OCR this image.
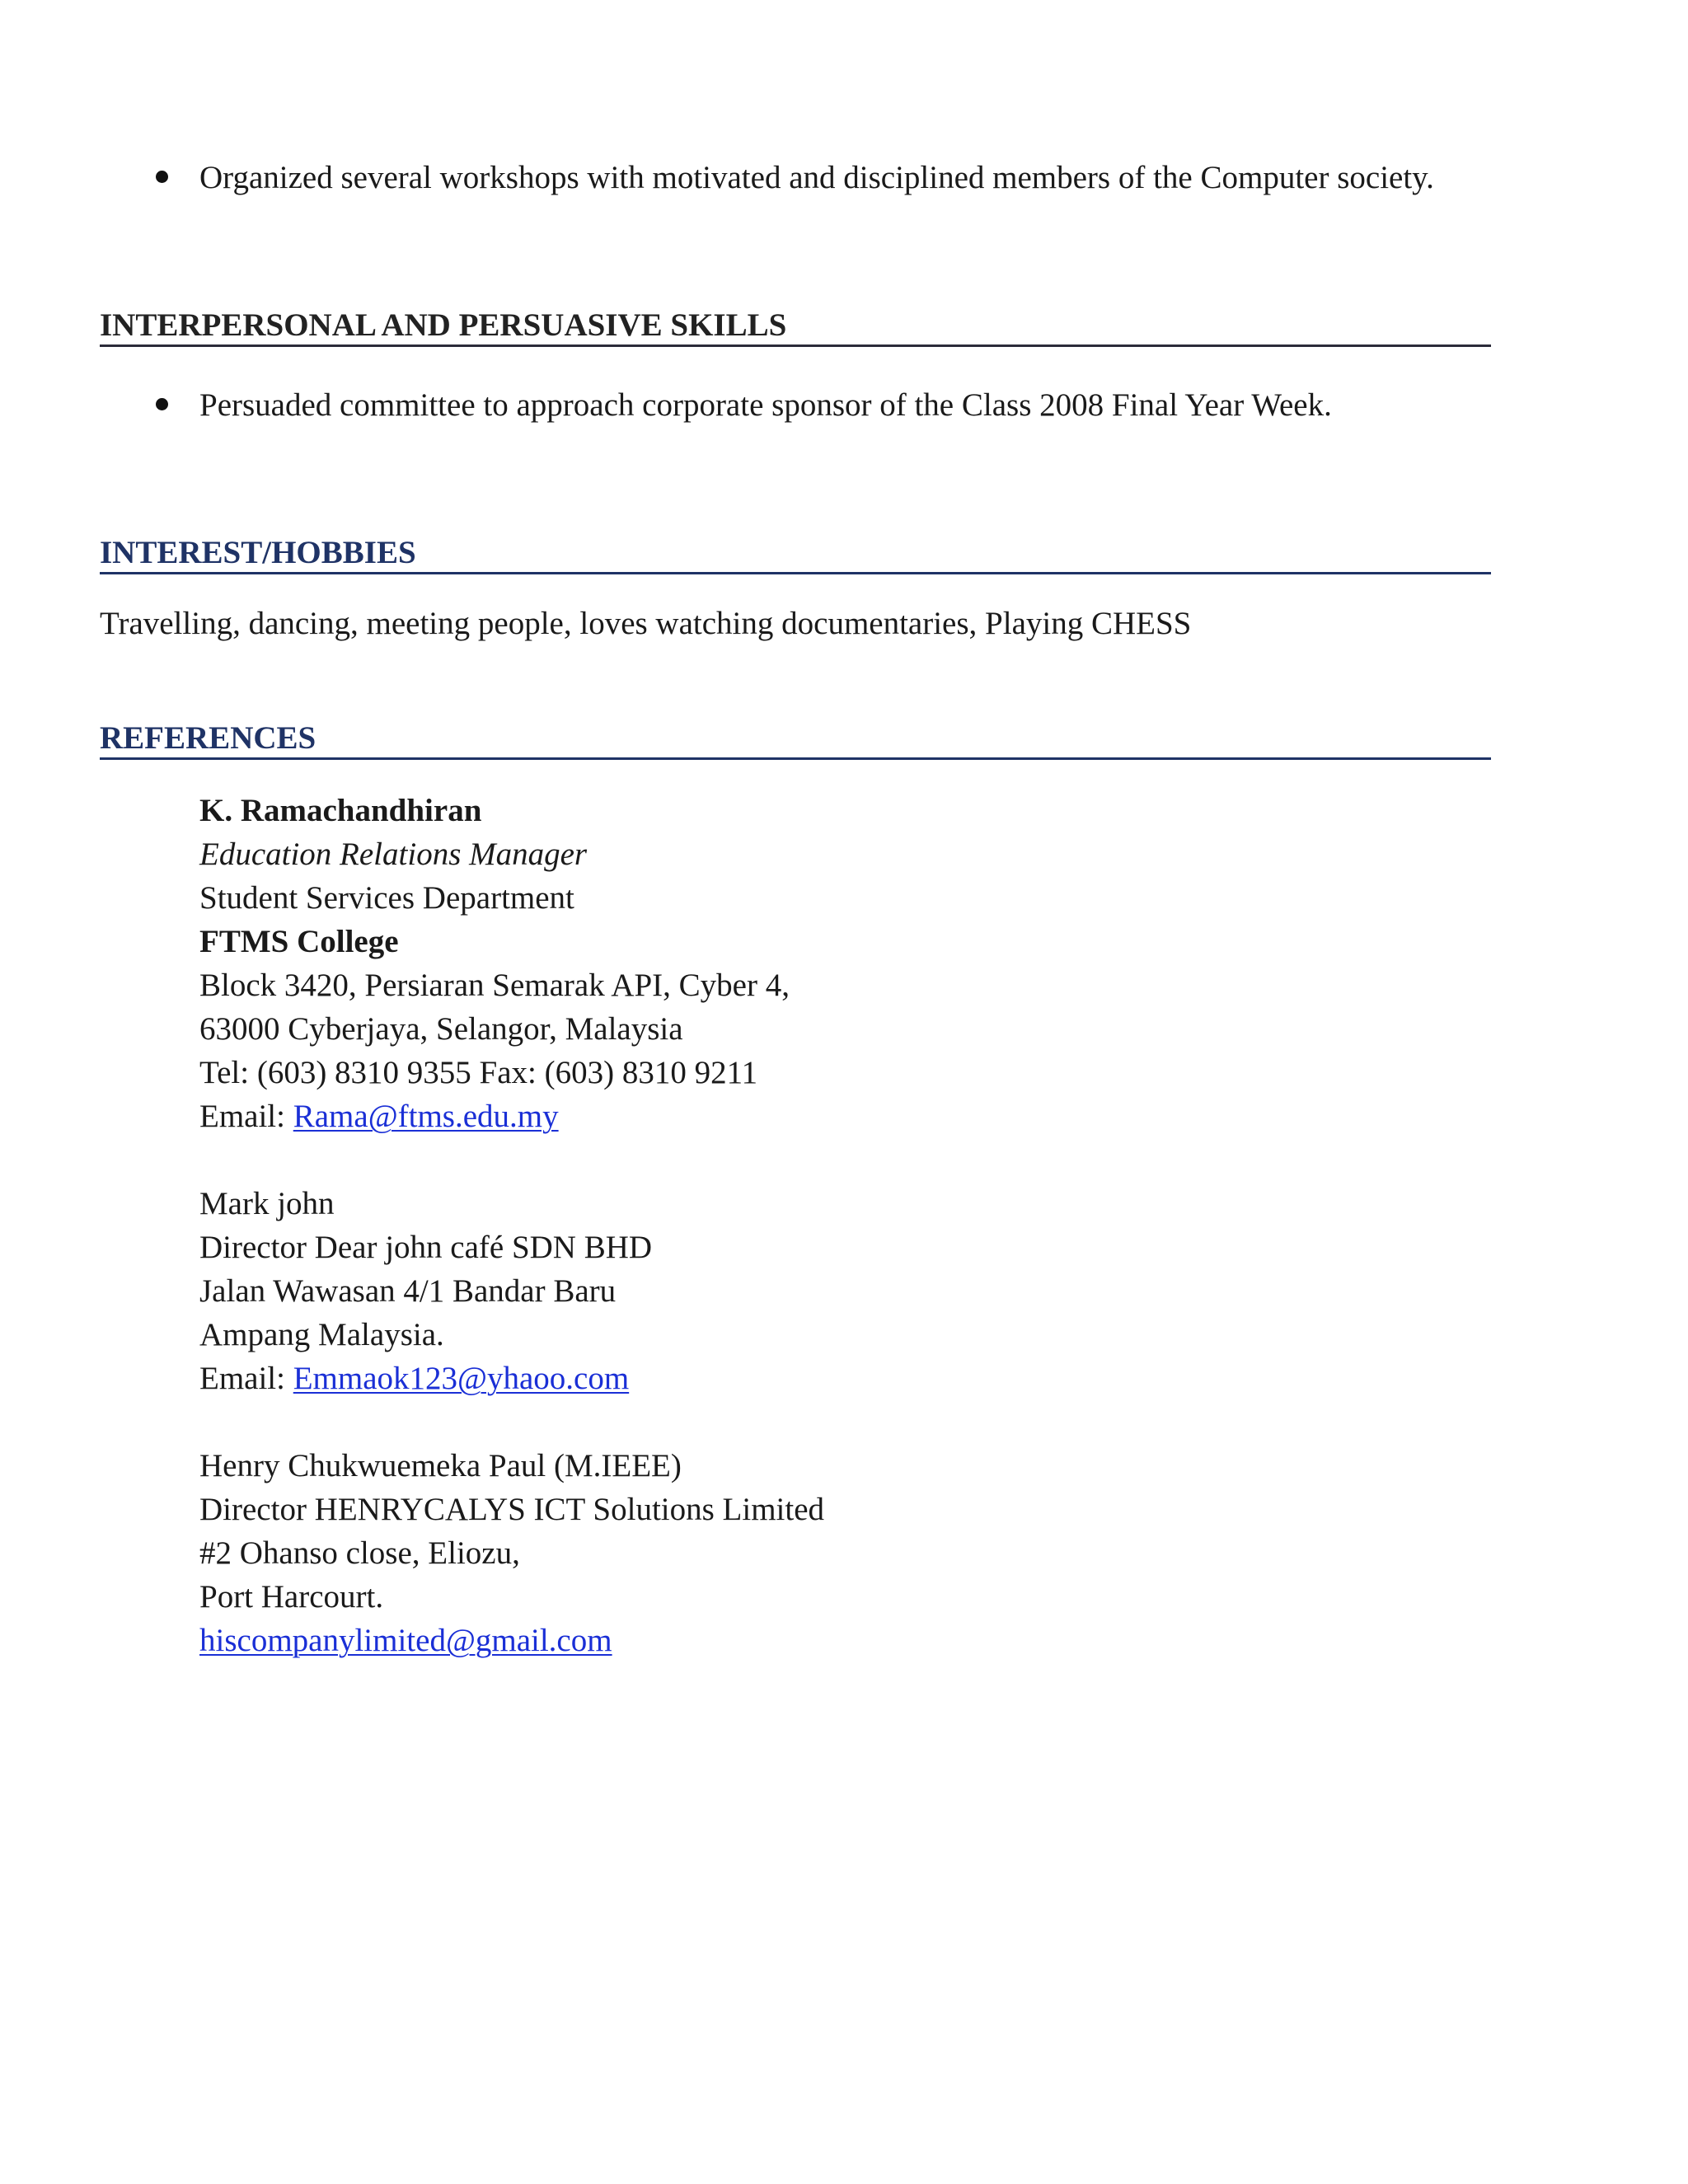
Organized several workshops with motivated and disciplined members of the Computer society.
INTERPERSONAL AND PERSUASIVE SKILLS
Persuaded committee to approach corporate sponsor of the Class 2008 Final Year Week.
INTEREST/HOBBIES
Travelling, dancing, meeting people, loves watching documentaries, Playing CHESS
REFERENCES
K. Ramachandhiran
Education Relations Manager
Student Services Department
FTMS College
Block 3420, Persiaran Semarak API, Cyber 4,
63000 Cyberjaya, Selangor, Malaysia
Tel: (603) 8310 9355 Fax: (603) 8310 9211
Email: Rama@ftms.edu.my
Mark john
Director Dear john café SDN BHD
Jalan Wawasan 4/1 Bandar Baru
Ampang Malaysia.
Email: Emmaok123@yhaoo.com
Henry Chukwuemeka Paul (M.IEEE)
Director HENRYCALYS ICT Solutions Limited
#2 Ohanso close, Eliozu,
Port Harcourt.
hiscompanylimited@gmail.com
